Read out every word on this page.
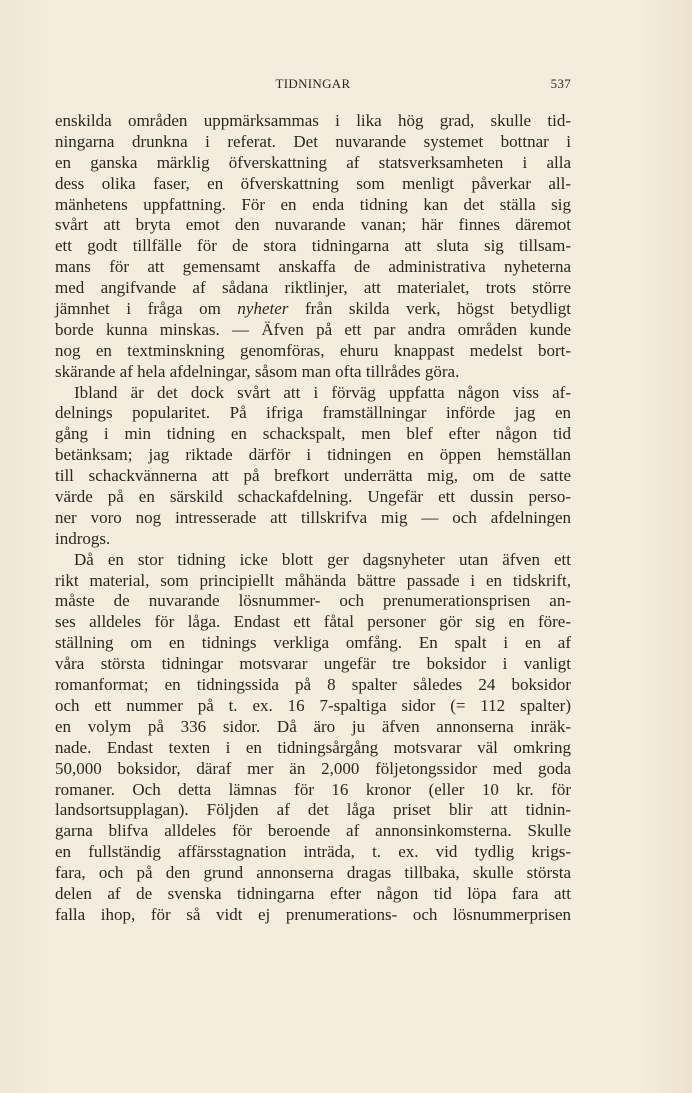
TIDNINGAR	537
enskilda områden uppmärksammas i lika hög grad, skulle tid-
ningarna drunkna i referat. Det nuvarande systemet bottnar i
en ganska märklig öfverskattning af statsverksamheten i alla
dess olika faser, en öfverskattning som menligt påverkar all-
mänhetens uppfattning. För en enda tidning kan det ställa sig
svårt att bryta emot den nuvarande vanan; här finnes däremot
ett godt tillfälle för de stora tidningarna att sluta sig tillsam-
mans för att gemensamt anskaffa de administrativa nyheterna
med angifvande af sådana riktlinjer, att materialet, trots större
jämnhet i fråga om nyheter från skilda verk, högst betydligt
borde kunna minskas. — Äfven på ett par andra områden kunde
nog en textminskning genomföras, ehuru knappast medelst bort-
skärande af hela afdelningar, såsom man ofta tillrådes göra.
Ibland är det dock svårt att i förväg uppfatta någon viss af-
delnings popularitet. På ifriga framställningar införde jag en
gång i min tidning en schackspalt, men blef efter någon tid
betänksam; jag riktade därför i tidningen en öppen hemställan
till schackvännerna att på brefkort underrätta mig, om de satte
värde på en särskild schackafdelning. Ungefär ett dussin perso-
ner voro nog intresserade att tillskrifva mig — och afdelningen
indrogs.
Då en stor tidning icke blott ger dagsnyheter utan äfven ett
rikt material, som principiellt måhända bättre passade i en tidskrift,
måste de nuvarande lösnummer- och prenumerationsprisen an-
ses alldeles för låga. Endast ett fåtal personer gör sig en före-
ställning om en tidnings verkliga omfång. En spalt i en af
våra största tidningar motsvarar ungefär tre boksidor i vanligt
romanformat; en tidningssida på 8 spalter således 24 boksidor
och ett nummer på t. ex. 16 7-spaltiga sidor (= 112 spalter)
en volym på 336 sidor. Då äro ju äfven annonserna inräk-
nade. Endast texten i en tidningsårgång motsvarar väl omkring
50,000 boksidor, däraf mer än 2,000 följetongssidor med goda
romaner. Och detta lämnas för 16 kronor (eller 10 kr. för
landsortsupplagan). Följden af det låga priset blir att tidnin-
garna blifva alldeles för beroende af annonsinkomsterna. Skulle
en fullständig affärsstagnation inträda, t. ex. vid tydlig krigs-
fara, och på den grund annonserna dragas tillbaka, skulle största
delen af de svenska tidningarna efter någon tid löpa fara att
falla ihop, för så vidt ej prenumerations- och lösnummerprisen
